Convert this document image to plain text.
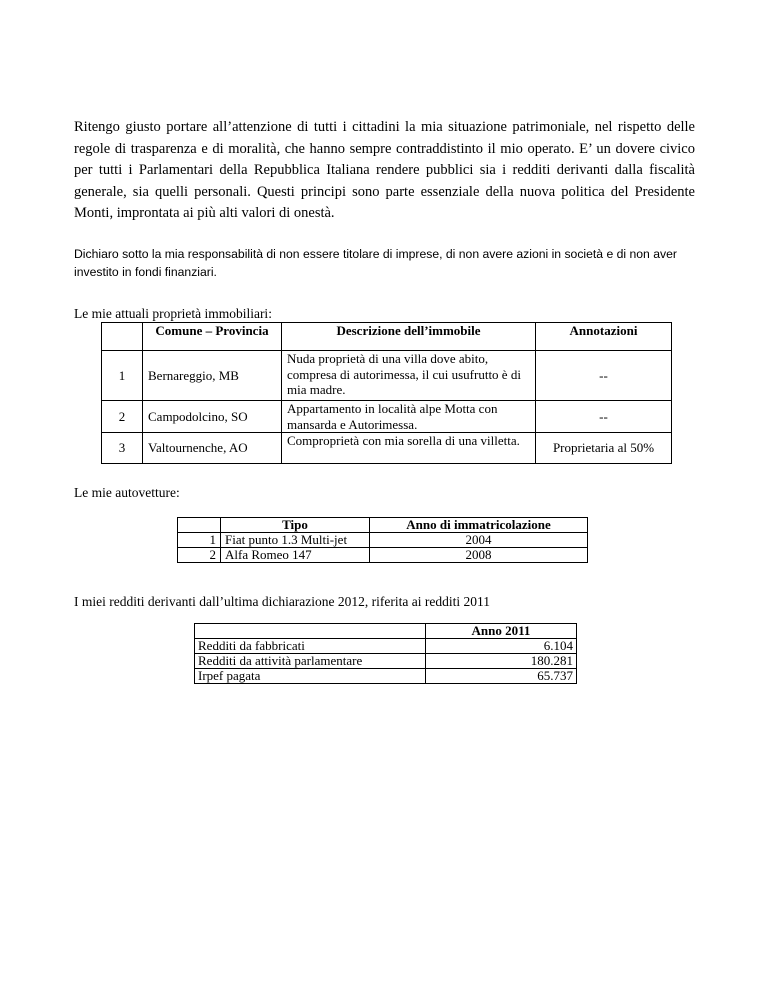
Ritengo giusto portare all’attenzione di tutti i cittadini la mia situazione patrimoniale, nel rispetto delle regole di trasparenza e di moralità, che hanno sempre contraddistinto il mio operato. E’ un dovere civico per tutti i Parlamentari della Repubblica Italiana rendere pubblici sia i redditi derivanti dalla fiscalità generale, sia quelli personali. Questi principi sono parte essenziale della nuova politica del Presidente Monti, improntata ai più alti valori di onestà.

Dichiaro sotto la mia responsabilità di non essere titolare di imprese, di non avere azioni in società e di non aver investito in fondi finanziari.

Le mie attuali proprietà immobiliari:

	Comune – Provincia	Descrizione dell’immobile	Annotazioni
1	Bernareggio, MB	Nuda proprietà di una villa dove abito, compresa di autorimessa, il cui usufrutto è di mia madre.	--
2	Campodolcino, SO	Appartamento in località alpe Motta con mansarda e Autorimessa.	--
3	Valtournenche, AO	Comproprietà con mia sorella di una villetta.	Proprietaria al 50%

Le mie autovetture:

	Tipo	Anno di immatricolazione
1	Fiat punto 1.3 Multi-jet	2004
2	Alfa Romeo 147	2008

I miei redditi derivanti dall’ultima dichiarazione 2012, riferita ai redditi 2011

	Anno 2011
Redditi da fabbricati	6.104
Redditi da attività parlamentare	180.281
Irpef pagata	65.737
